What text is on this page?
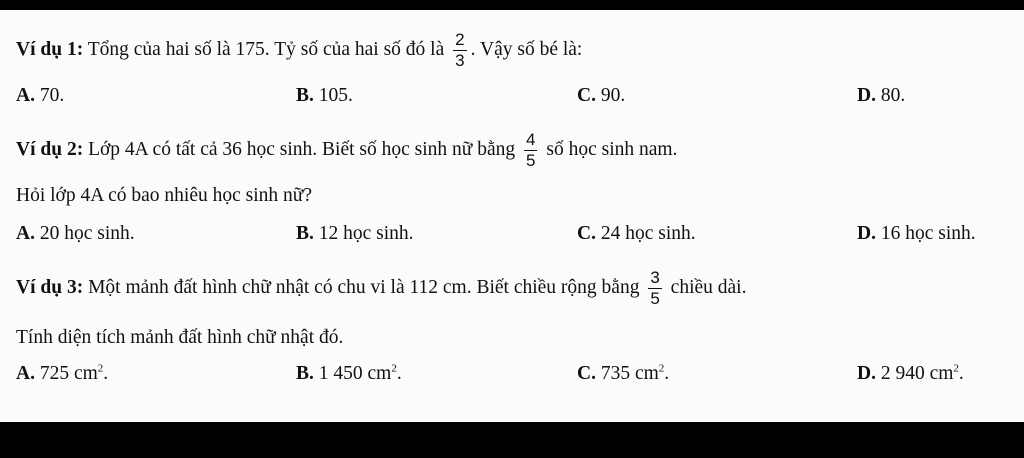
Ví dụ 1: Tổng của hai số là 175. Tỷ số của hai số đó là $\frac{2}{3}$ . Vậy số bé là:
A. 70.	B. 105.	C. 90.	D. 80.
Ví dụ 2: Lớp 4A có tất cả 36 học sinh. Biết số học sinh nữ bằng $\frac{4}{5}$ số học sinh nam.
Hỏi lớp 4A có bao nhiêu học sinh nữ?
A. 20 học sinh.	B. 12 học sinh.	C. 24 học sinh.	D. 16 học sinh.
Ví dụ 3: Một mảnh đất hình chữ nhật có chu vi là 112 cm. Biết chiều rộng bằng $\frac{3}{5}$ chiều dài.
Tính diện tích mảnh đất hình chữ nhật đó.
A. 725 $cm^2$.	B. 1 450 $cm^2$.	C. 735 $cm^2$.	D. 2 940 $cm^2$.
